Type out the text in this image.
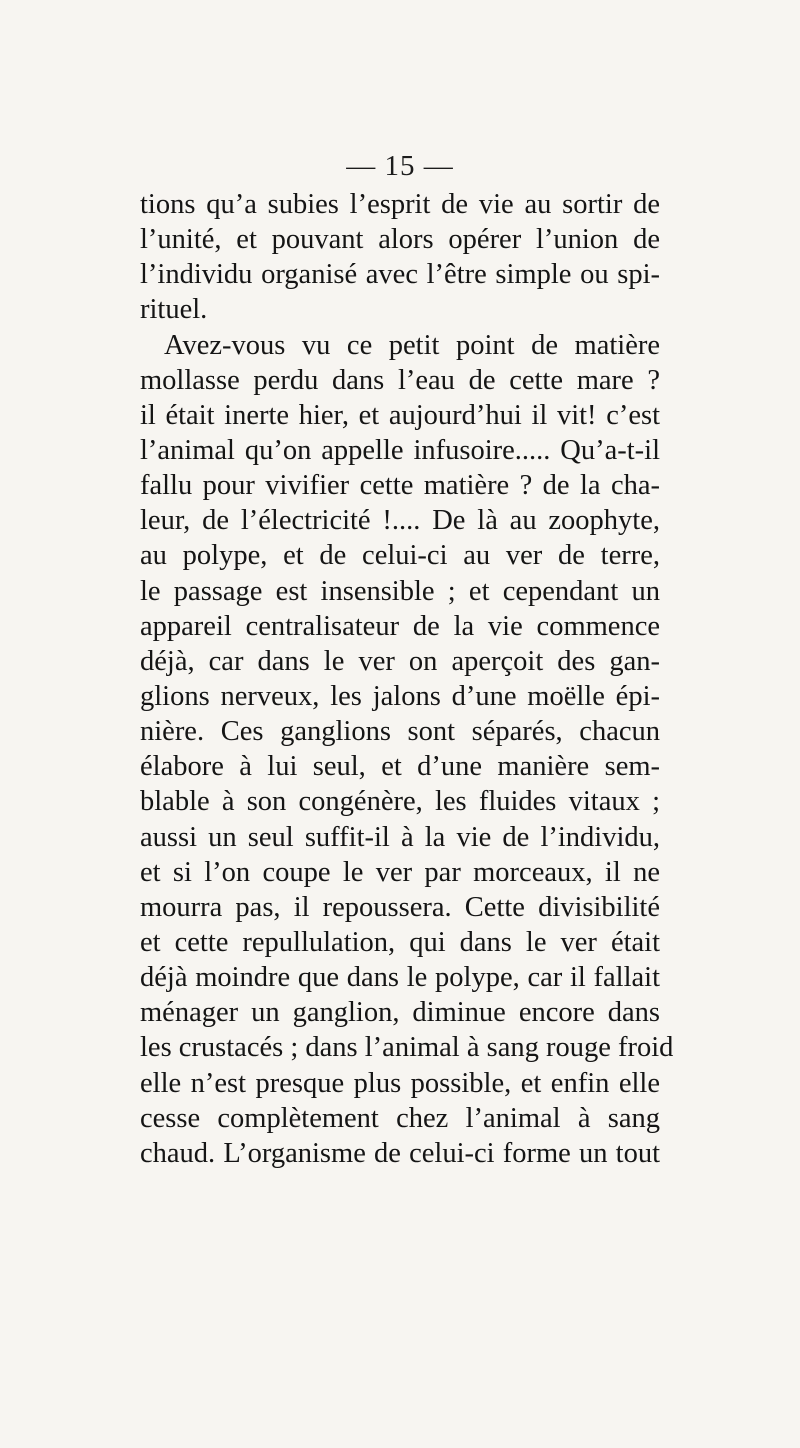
— 15 —
tions qu’a subies l’esprit de vie au sortir de
l’unité, et pouvant alors opérer l’union de
l’individu organisé avec l’être simple ou spi-
rituel.
Avez-vous vu ce petit point de matière
mollasse perdu dans l’eau de cette mare ?
il était inerte hier, et aujourd’hui il vit! c’est
l’animal qu’on appelle infusoire..... Qu’a-t-il
fallu pour vivifier cette matière ? de la cha-
leur, de l’électricité !.... De là au zoophyte,
au polype, et de celui-ci au ver de terre,
le passage est insensible ; et cependant un
appareil centralisateur de la vie commence
déjà, car dans le ver on aperçoit des gan-
glions nerveux, les jalons d’une moëlle épi-
nière. Ces ganglions sont séparés, chacun
élabore à lui seul, et d’une manière sem-
blable à son congénère, les fluides vitaux ;
aussi un seul suffit-il à la vie de l’individu,
et si l’on coupe le ver par morceaux, il ne
mourra pas, il repoussera. Cette divisibilité
et cette repullulation, qui dans le ver était
déjà moindre que dans le polype, car il fallait
ménager un ganglion, diminue encore dans
les crustacés ; dans l’animal à sang rouge froid
elle n’est presque plus possible, et enfin elle
cesse complètement chez l’animal à sang
chaud. L’organisme de celui-ci forme un tout
